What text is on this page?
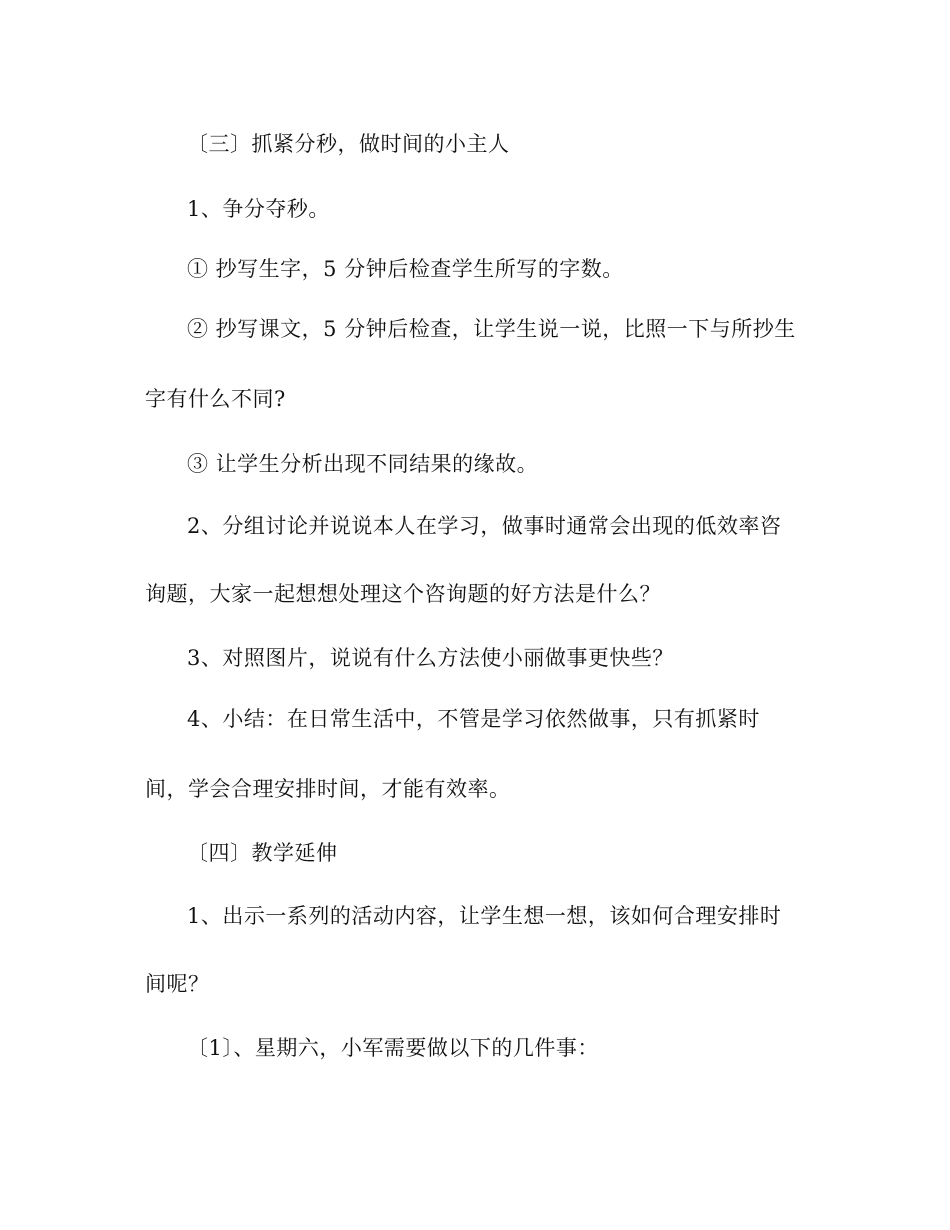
〔三〕抓紧分秒，做时间的小主人
1、争分夺秒。
① 抄写生字，5 分钟后检查学生所写的字数。
② 抄写课文，5 分钟后检查，让学生说一说，比照一下与所抄生
字有什么不同?
③ 让学生分析出现不同结果的缘故。
2、分组讨论并说说本人在学习，做事时通常会出现的低效率咨
询题，大家一起想想处理这个咨询题的好方法是什么？
3、对照图片，说说有什么方法使小丽做事更快些？
4、小结：在日常生活中，不管是学习依然做事，只有抓紧时
间，学会合理安排时间，才能有效率。
〔四〕教学延伸
1、出示一系列的活动内容，让学生想一想，该如何合理安排时
间呢？
〔1〕、星期六，小军需要做以下的几件事：
